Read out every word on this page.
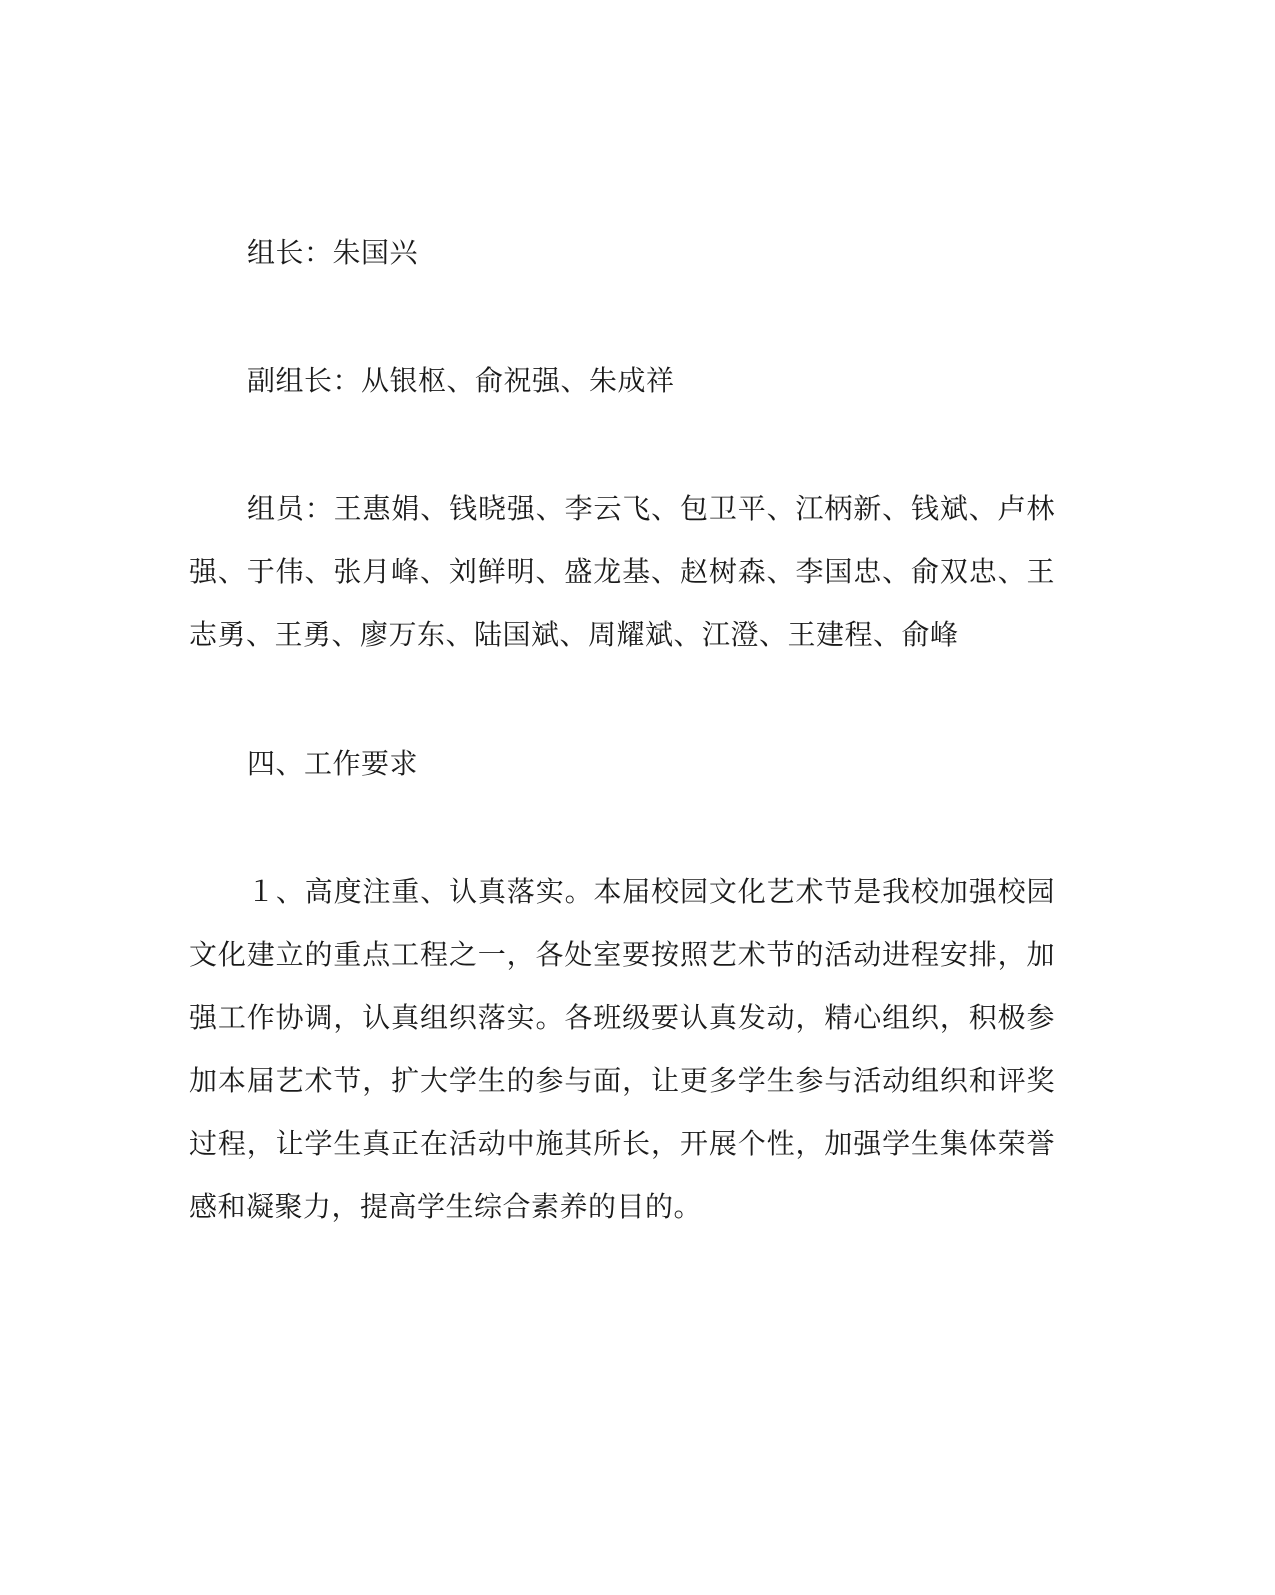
组长：朱国兴

副组长：从银枢、俞祝强、朱成祥

组员：王惠娟、钱晓强、李云飞、包卫平、江柄新、钱斌、卢林强、于伟、张月峰、刘鲜明、盛龙基、赵树森、李国忠、俞双忠、王志勇、王勇、廖万东、陆国斌、周耀斌、江澄、王建程、俞峰

四、工作要求

１、高度注重、认真落实。本届校园文化艺术节是我校加强校园文化建立的重点工程之一，各处室要按照艺术节的活动进程安排，加强工作协调，认真组织落实。各班级要认真发动，精心组织，积极参加本届艺术节，扩大学生的参与面，让更多学生参与活动组织和评奖过程，让学生真正在活动中施其所长，开展个性，加强学生集体荣誉感和凝聚力，提高学生综合素养的目的。
